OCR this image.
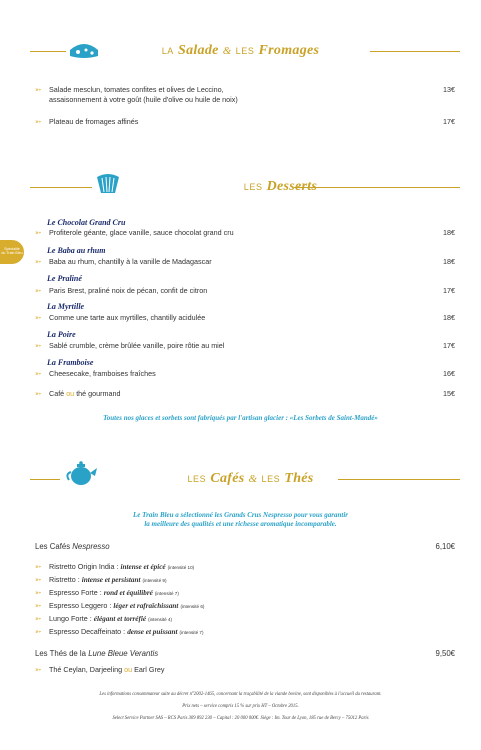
LA Salade & LES Fromages
➳ Salade mesclun, tomates confites et olives de Leccino,
assaisonnement à votre goût (huile d'olive ou huile de noix)
13€
➳ Plateau de fromages affinés	17€
LES Desserts
Spécialité
du Train Bleu
Le Chocolat Grand Cru
➳ Profiterole géante, glace vanille, sauce chocolat grand cru	18€
Le Baba au rhum
➳ Baba au rhum, chantilly à la vanille de Madagascar	18€
Le Praliné
➳ Paris Brest, praliné noix de pécan, confit de citron	17€
La Myrtille
➳ Comme une tarte aux myrtilles, chantilly acidulée	18€
La Poire
➳ Sablé crumble, crème brûlée vanille, poire rôtie au miel	17€
La Framboise
➳ Cheesecake, framboises fraîches	16€
➳ Café ou thé gourmand	15€
Toutes nos glaces et sorbets sont fabriqués par l'artisan glacier : «Les Sorbets de Saint-Mandé»
LES Cafés & LES Thés
Le Train Bleu a sélectionné les Grands Crus Nespresso pour vous garantir
la meilleure des qualités et une richesse aromatique incomparable.
Les Cafés Nespresso	6,10€
➳ Ristretto Origin India : intense et épicé (intensité 10)
➳ Ristretto : intense et persistant (intensité 9)
➳ Espresso Forte : rond et équilibré (intensité 7)
➳ Espresso Leggero : léger et rafraîchissant (intensité 6)
➳ Lungo Forte : élégant et torréfié (intensité 4)
➳ Espresso Decaffeinato : dense et puissant (intensité 7)
Les Thés de la Lune Bleue Verantis	9,50€
➳ Thé Ceylan, Darjeeling ou Earl Grey
Les informations consommateur suite au décret n°2002-1465, concernant la traçabilité de la viande bovine, sont disponibles à l'accueil du restaurant.
Prix nets – service compris 15 % sur prix HT – Octobre 2015.
Select Service Partner SAS – RCS Paris 309 892 230 – Capital : 20 000 000€. Siège : Im. Tour de Lyon, 185 rue de Bercy – 75012 Paris
